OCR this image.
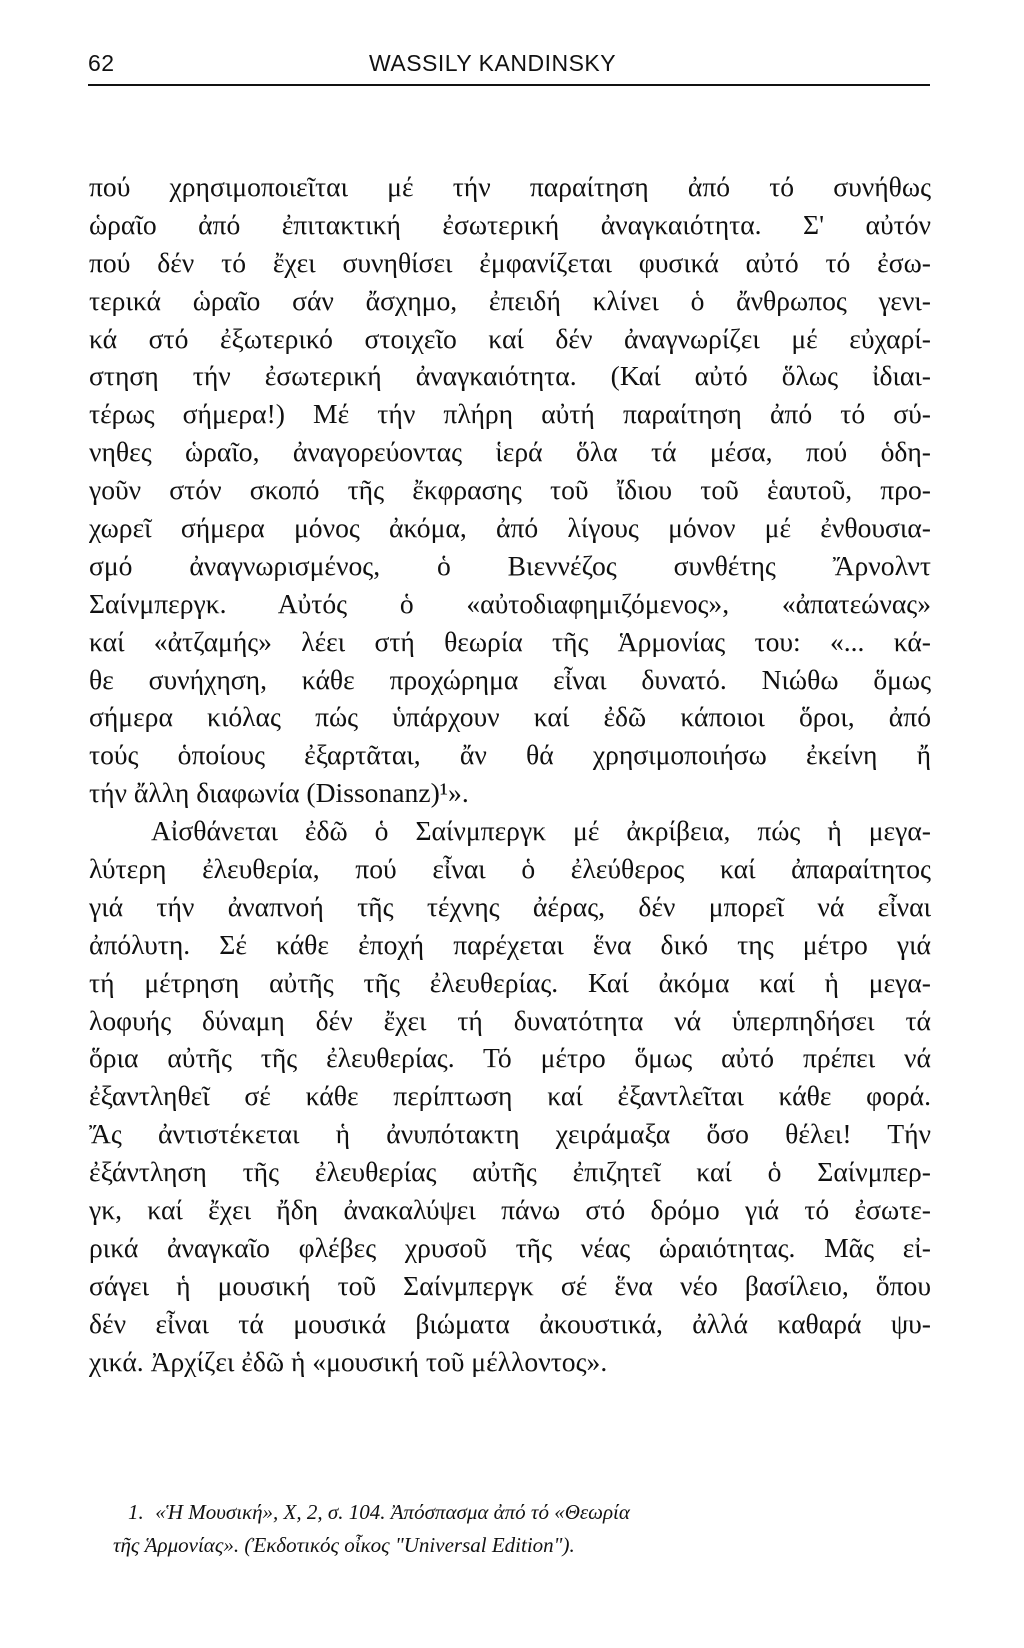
62	WASSILY KANDINSKY
πού χρησιμοποιεῖται μέ τήν παραίτηση ἀπό τό συνήθως
ὡραῖο ἀπό ἐπιτακτική ἐσωτερική ἀναγκαιότητα. Σ' αὐτόν
πού δέν τό ἔχει συνηθίσει ἐμφανίζεται φυσικά αὐτό τό ἐσω-
τερικά ὡραῖο σάν ἄσχημο, ἐπειδή κλίνει ὁ ἄνθρωπος γενι-
κά στό ἐξωτερικό στοιχεῖο καί δέν ἀναγνωρίζει μέ εὐχαρί-
στηση τήν ἐσωτερική ἀναγκαιότητα. (Καί αὐτό ὅλως ἰδιαι-
τέρως σήμερα!) Μέ τήν πλήρη αὐτή παραίτηση ἀπό τό σύ-
νηθες ὡραῖο, ἀναγορεύοντας ἱερά ὅλα τά μέσα, πού ὁδη-
γοῦν στόν σκοπό τῆς ἔκφρασης τοῦ ἴδιου τοῦ ἑαυτοῦ, προ-
χωρεῖ σήμερα μόνος ἀκόμα, ἀπό λίγους μόνον μέ ἐνθουσια-
σμό ἀναγνωρισμένος, ὁ Βιεννέζος συνθέτης Ἄρνολντ
Σαίνμπεργκ. Αὐτός ὁ «αὐτοδιαφημιζόμενος», «ἀπατεώνας»
καί «ἀτζαμής» λέει στή θεωρία τῆς Ἁρμονίας του: «... κά-
θε συνήχηση, κάθε προχώρημα εἶναι δυνατό. Νιώθω ὅμως
σήμερα κιόλας πώς ὑπάρχουν καί ἐδῶ κάποιοι ὅροι, ἀπό
τούς ὁποίους ἐξαρτᾶται, ἄν θά χρησιμοποιήσω ἐκείνη ἤ
τήν ἄλλη διαφωνία (Dissonanz)¹».
Αἰσθάνεται ἐδῶ ὁ Σαίνμπεργκ μέ ἀκρίβεια, πώς ἡ μεγα-
λύτερη ἐλευθερία, πού εἶναι ὁ ἐλεύθερος καί ἀπαραίτητος
γιά τήν ἀναπνοή τῆς τέχνης ἀέρας, δέν μπορεῖ νά εἶναι
ἀπόλυτη. Σέ κάθε ἐποχή παρέχεται ἕνα δικό της μέτρο γιά
τή μέτρηση αὐτῆς τῆς ἐλευθερίας. Καί ἀκόμα καί ἡ μεγα-
λοφυής δύναμη δέν ἔχει τή δυνατότητα νά ὑπερπηδήσει τά
ὅρια αὐτῆς τῆς ἐλευθερίας. Τό μέτρο ὅμως αὐτό πρέπει νά
ἐξαντληθεῖ σέ κάθε περίπτωση καί ἐξαντλεῖται κάθε φορά.
Ἄς ἀντιστέκεται ἡ ἀνυπότακτη χειράμαξα ὅσο θέλει! Τήν
ἐξάντληση τῆς ἐλευθερίας αὐτῆς ἐπιζητεῖ καί ὁ Σαίνμπερ-
γκ, καί ἔχει ἤδη ἀνακαλύψει πάνω στό δρόμο γιά τό ἐσωτε-
ρικά ἀναγκαῖο φλέβες χρυσοῦ τῆς νέας ὡραιότητας. Μᾶς εἰ-
σάγει ἡ μουσική τοῦ Σαίνμπεργκ σέ ἕνα νέο βασίλειο, ὅπου
δέν εἶναι τά μουσικά βιώματα ἀκουστικά, ἀλλά καθαρά ψυ-
χικά. Ἀρχίζει ἐδῶ ἡ «μουσική τοῦ μέλλοντος».
1. «Ἡ Μουσική», X, 2, σ. 104. Ἀπόσπασμα ἀπό τό «Θεωρία
τῆς Ἁρμονίας». (Ἐκδοτικός οἶκος "Universal Edition").
